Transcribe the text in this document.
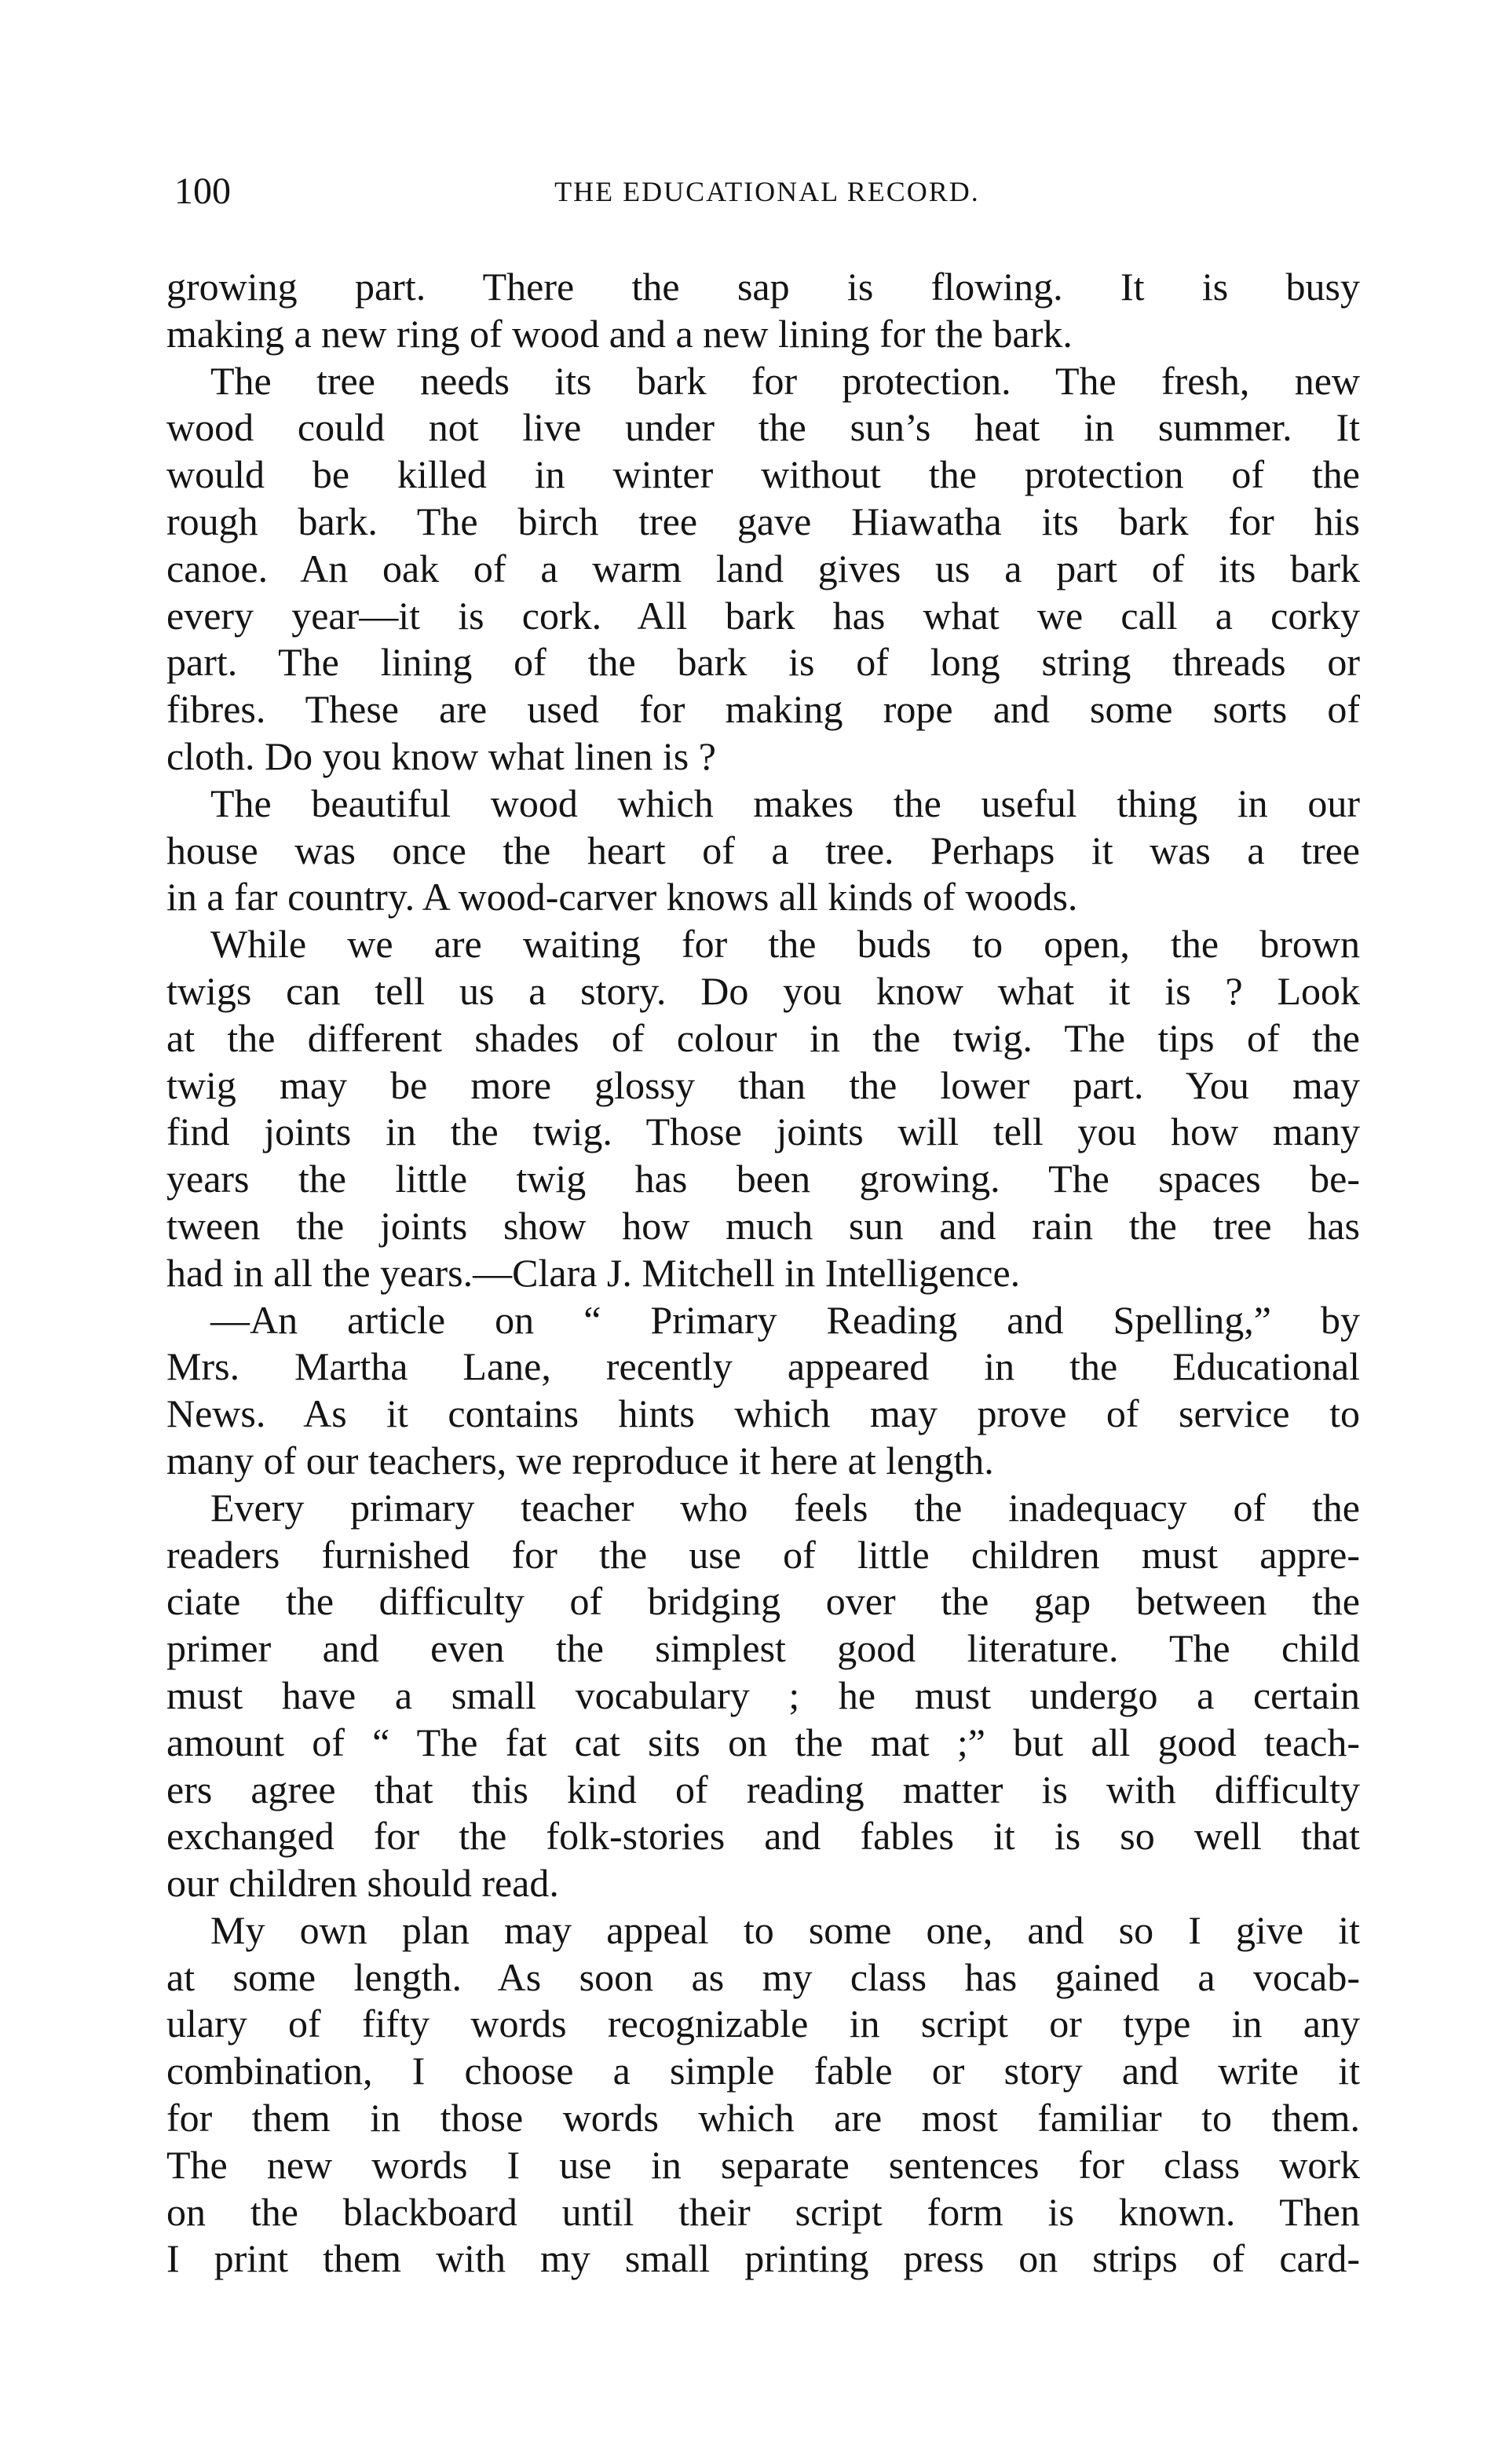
100	THE EDUCATIONAL RECORD.
growing part. There the sap is flowing. It is busy
making a new ring of wood and a new lining for the bark.
The tree needs its bark for protection. The fresh, new
wood could not live under the sun’s heat in summer. It
would be killed in winter without the protection of the
rough bark. The birch tree gave Hiawatha its bark for his
canoe. An oak of a warm land gives us a part of its bark
every year—it is cork. All bark has what we call a corky
part. The lining of the bark is of long string threads or
fibres. These are used for making rope and some sorts of
cloth. Do you know what linen is ?
The beautiful wood which makes the useful thing in our
house was once the heart of a tree. Perhaps it was a tree
in a far country. A wood-carver knows all kinds of woods.
While we are waiting for the buds to open, the brown
twigs can tell us a story. Do you know what it is ? Look
at the different shades of colour in the twig. The tips of the
twig may be more glossy than the lower part. You may
find joints in the twig. Those joints will tell you how many
years the little twig has been growing. The spaces be-
tween the joints show how much sun and rain the tree has
had in all the years.—Clara J. Mitchell in Intelligence.
—An article on “ Primary Reading and Spelling,” by
Mrs. Martha Lane, recently appeared in the Educational
News. As it contains hints which may prove of service to
many of our teachers, we reproduce it here at length.
Every primary teacher who feels the inadequacy of the
readers furnished for the use of little children must appre-
ciate the difficulty of bridging over the gap between the
primer and even the simplest good literature. The child
must have a small vocabulary ; he must undergo a certain
amount of “ The fat cat sits on the mat ;” but all good teach-
ers agree that this kind of reading matter is with difficulty
exchanged for the folk-stories and fables it is so well that
our children should read.
My own plan may appeal to some one, and so I give it
at some length. As soon as my class has gained a vocab-
ulary of fifty words recognizable in script or type in any
combination, I choose a simple fable or story and write it
for them in those words which are most familiar to them.
The new words I use in separate sentences for class work
on the blackboard until their script form is known. Then
I print them with my small printing press on strips of card-
